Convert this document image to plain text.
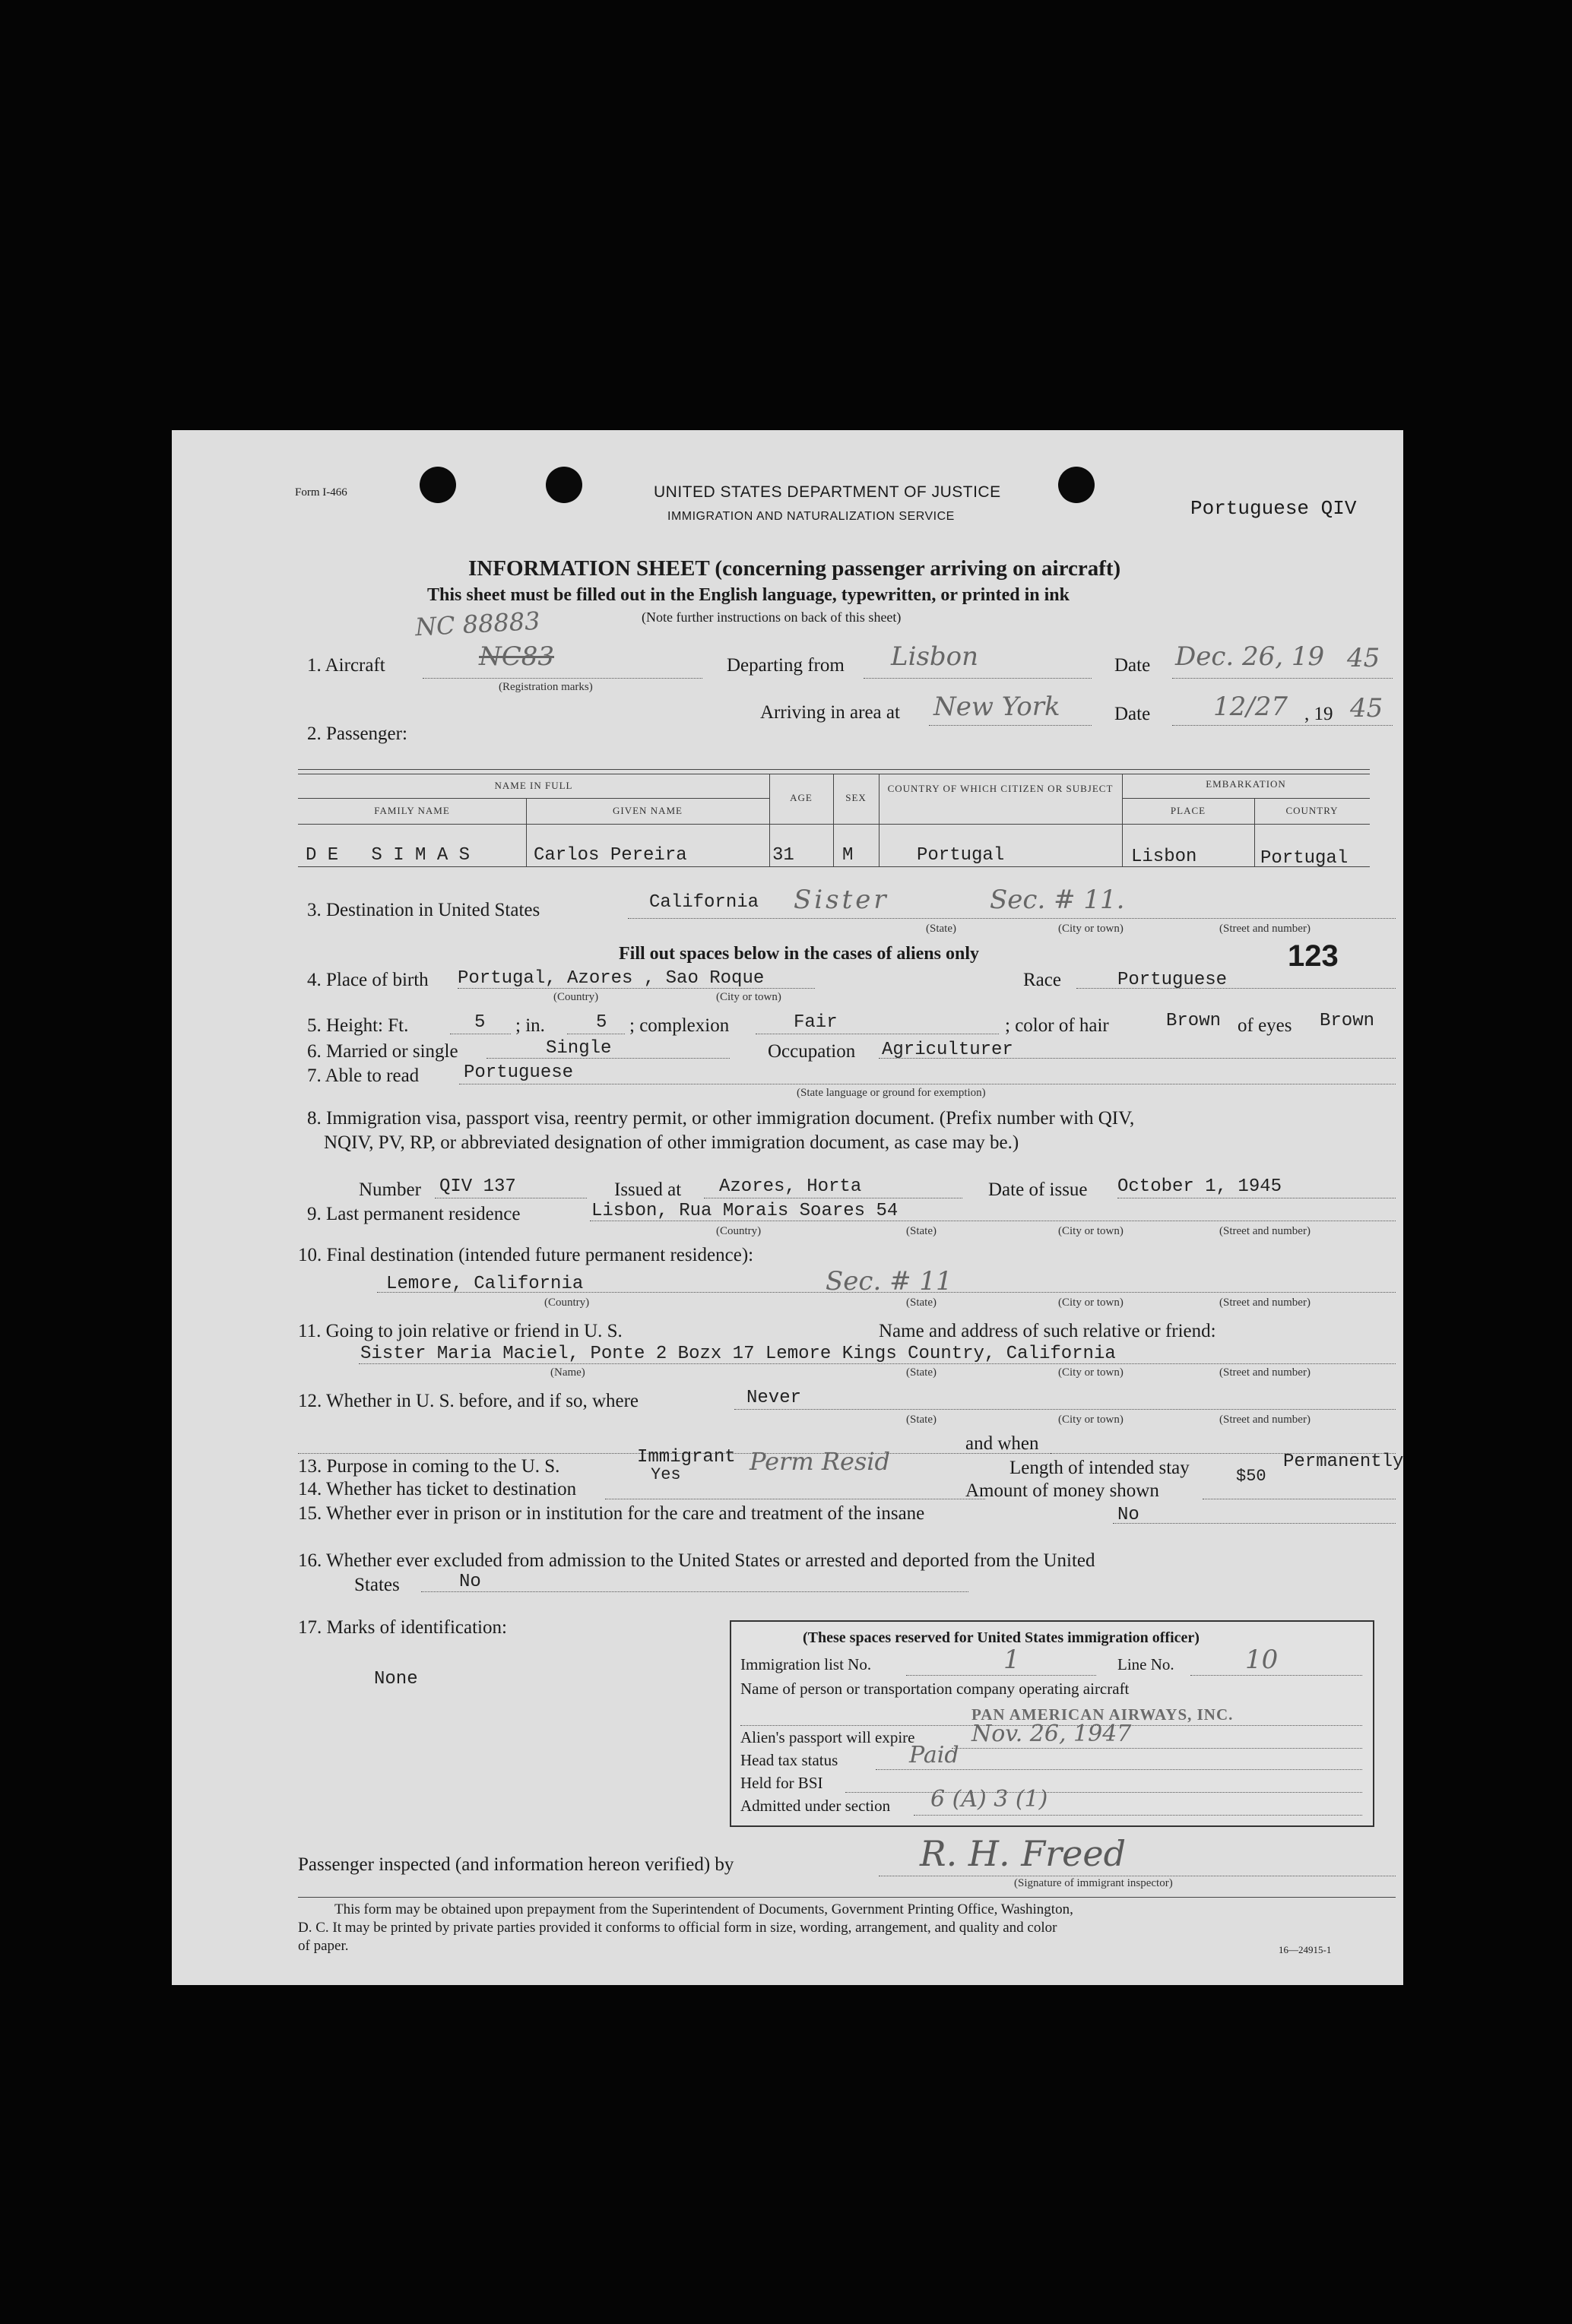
Form I-466	UNITED STATES DEPARTMENT OF JUSTICE
IMMIGRATION AND NATURALIZATION SERVICE	Portuguese QIV
INFORMATION SHEET (concerning passenger arriving on aircraft)
This sheet must be filled out in the English language, typewritten, or printed in ink
(Note further instructions on back of this sheet)
NC 88883
1. Aircraft	NC83
(Registration marks)
Departing from Lisbon	Date Dec. 26, 19 45
Arriving in area at New York	Date 12/27 , 19 45
2. Passenger:
NAME IN FULL
FAMILY NAME	GIVEN NAME
AGE	SEX
COUNTRY OF WHICH CITIZEN OR SUBJECT	EMBARKATION
PLACE	COUNTRY
D E   S I M A S	Carlos Pereira	31	M	Portugal	Lisbon	Portugal
3. Destination in United States	California Sister	Sec. # 11.
(State)	(City or town)	(Street and number)
Fill out spaces below in the cases of aliens only	123
4. Place of birth Portugal, Azores , Sao Roque
(Country)	(City or town)
Race	Portuguese
5. Height: Ft.	5 ; in.	5 ; complexion	Fair	; color of hair	Brown of eyes Brown
6. Married or single	Single	Occupation Agriculturer
7. Able to read Portuguese
(State language or ground for exemption)
8. Immigration visa, passport visa, reentry permit, or other immigration document. (Prefix number with QIV,
NQIV, PV, RP, or abbreviated designation of other immigration document, as case may be.)
Number QIV 137	Issued at Azores, Horta	Date of issue October 1, 1945
9. Last permanent residence	Lisbon, Rua Morais Soares 54
(Country)	(State)	(City or town)	(Street and number)
10. Final destination (intended future permanent residence):
Lemore, California	Sec. # 11
(Country)	(State)	(City or town)	(Street and number)
11. Going to join relative or friend in U. S.	Name and address of such relative or friend:
Sister Maria Maciel, Ponte 2 Bozx 17 Lemore Kings Country, California
(Name)	(State)	(City or town)	(Street and number)
12. Whether in U. S. before, and if so, where	Never
(State)	(City or town)	(Street and number)
and when
13. Purpose in coming to the U. S.	Immigrant Perm Resid	Length of intended stay	Permanently
14. Whether has ticket to destination
Yes
Amount of money shown
$50
15. Whether ever in prison or in institution for the care and treatment of the insane	No
16. Whether ever excluded from admission to the United States or arrested and deported from the United
States	No
17. Marks of identification:
None
(These spaces reserved for United States immigration officer)
Immigration list No.	1	Line No.	10
Name of person or transportation company operating aircraft
PAN AMERICAN AIRWAYS, INC.
Alien's passport will expire Nov. 26, 1947
Head tax status	Paid
Held for BSI
Admitted under section 6 (A) 3 (1)
Passenger inspected (and information hereon verified) by	R. H. Freed
(Signature of immigrant inspector)
This form may be obtained upon prepayment from the Superintendent of Documents, Government Printing Office, Washington,
D. C. It may be printed by private parties provided it conforms to official form in size, wording, arrangement, and quality and color
of paper.	16—24915-1
